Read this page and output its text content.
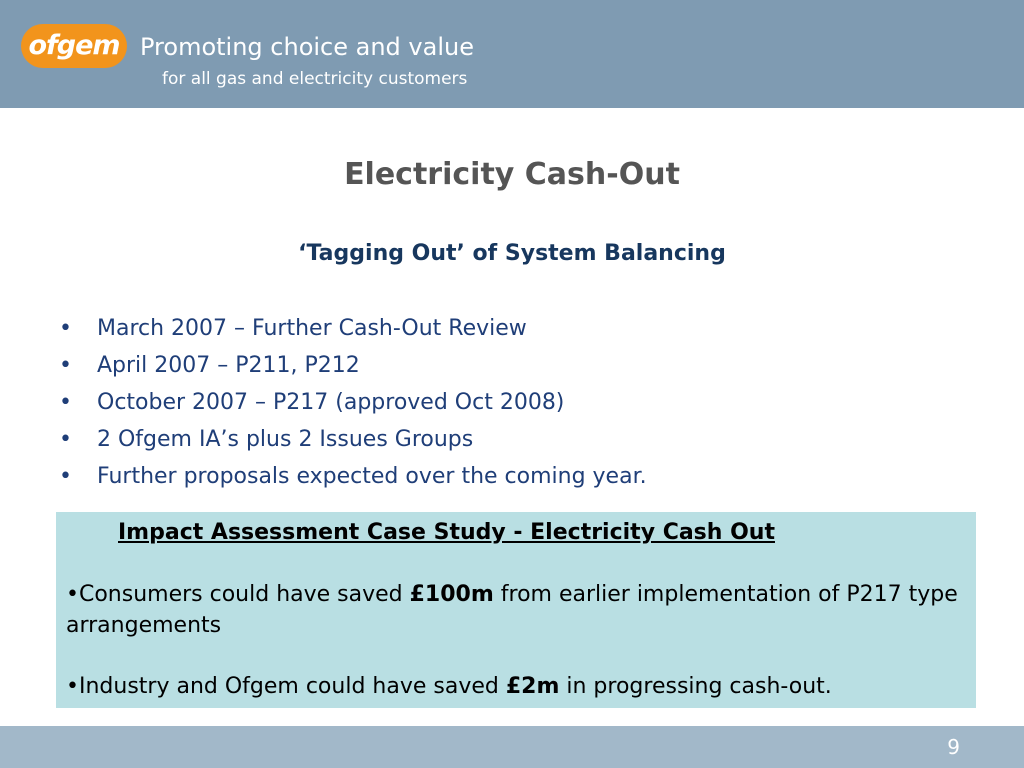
ofgem Promoting choice and value
for all gas and electricity customers
Electricity Cash-Out
‘Tagging Out’ of System Balancing
• March 2007 – Further Cash-Out Review
• April 2007 – P211, P212
• October 2007 – P217 (approved Oct 2008)
• 2 Ofgem IA’s plus 2 Issues Groups
• Further proposals expected over the coming year.

Impact Assessment Case Study - Electricity Cash Out

•Consumers could have saved £100m from earlier implementation of P217 type arrangements

•Industry and Ofgem could have saved £2m in progressing cash-out.

9
